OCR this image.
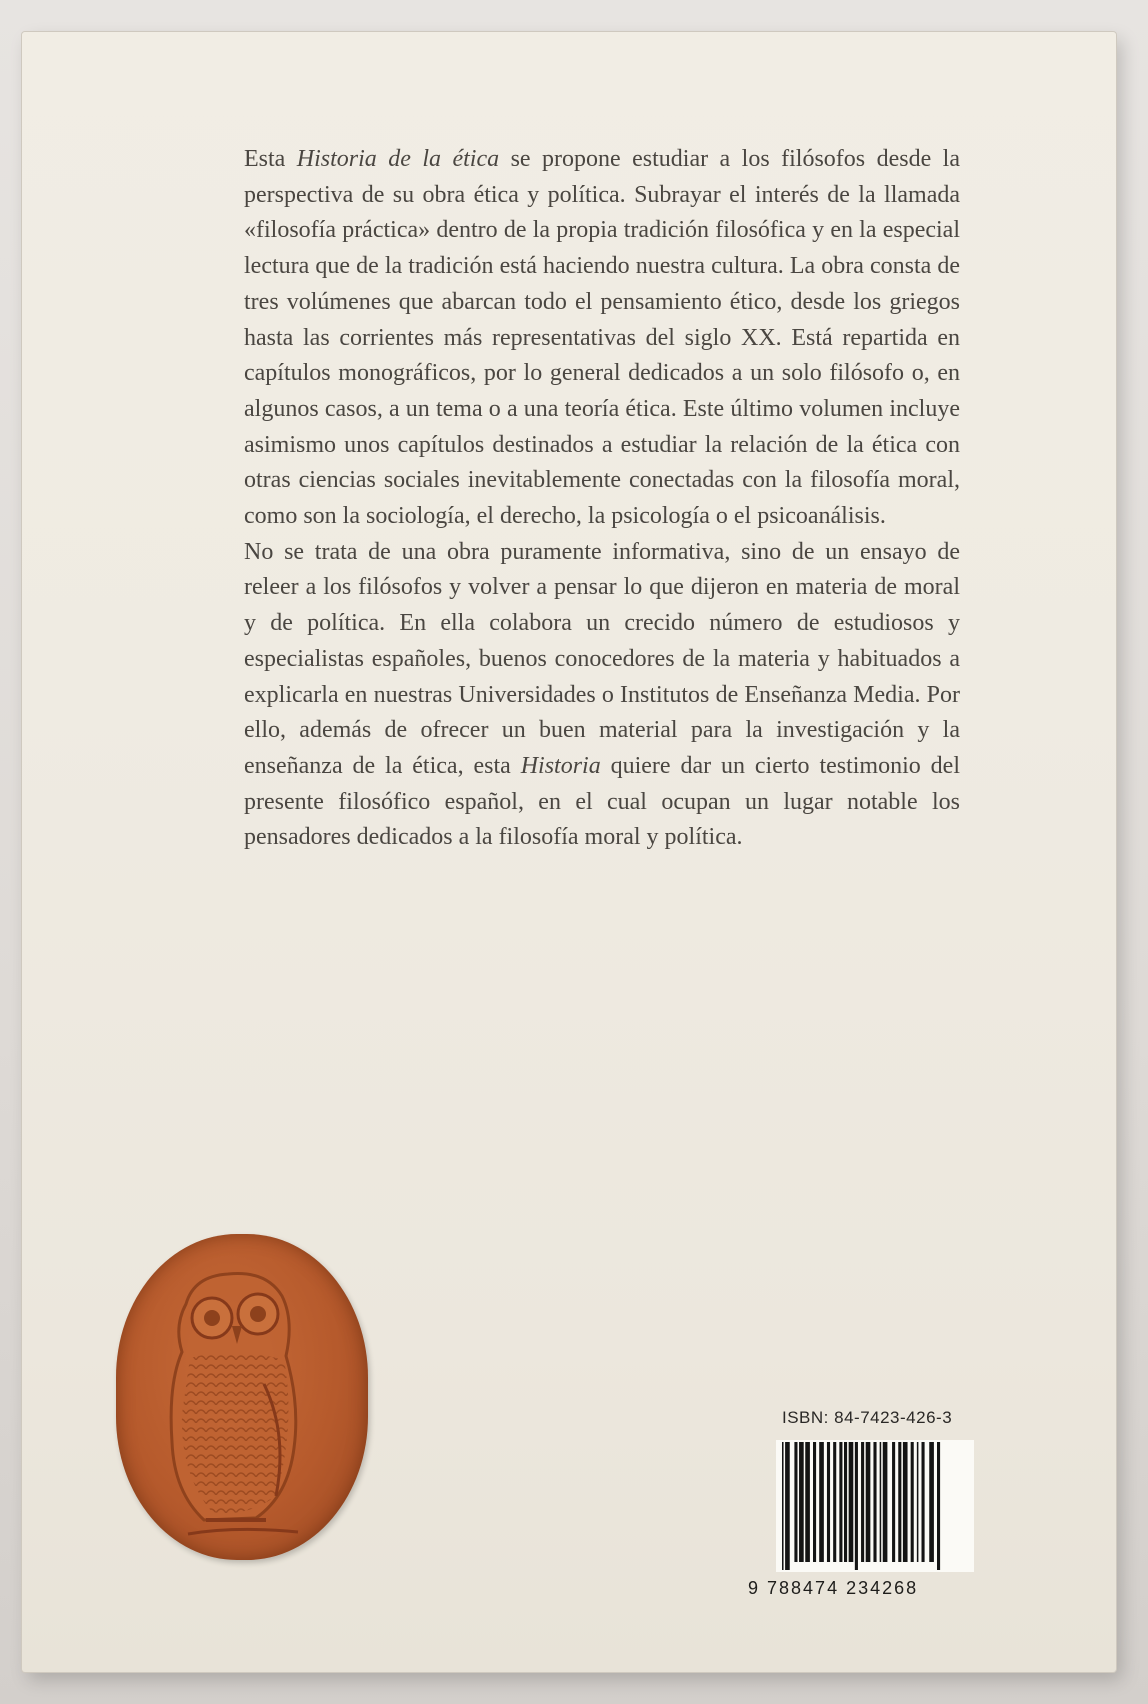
Esta Historia de la ética se propone estudiar a los filósofos desde la perspectiva de su obra ética y política. Subrayar el interés de la llamada «filosofía práctica» dentro de la propia tradición filosófica y en la especial lectura que de la tradición está haciendo nuestra cultura. La obra consta de tres volúmenes que abarcan todo el pensamiento ético, desde los griegos hasta las corrientes más representativas del siglo XX. Está repartida en capítulos monográficos, por lo general dedicados a un solo filósofo o, en algunos casos, a un tema o a una teoría ética. Este último volumen incluye asimismo unos capítulos destinados a estudiar la relación de la ética con otras ciencias sociales inevitablemente conectadas con la filosofía moral, como son la sociología, el derecho, la psicología o el psicoanálisis.

No se trata de una obra puramente informativa, sino de un ensayo de releer a los filósofos y volver a pensar lo que dijeron en materia de moral y de política. En ella colabora un crecido número de estudiosos y especialistas españoles, buenos conocedores de la materia y habituados a explicarla en nuestras Universidades o Institutos de Enseñanza Media. Por ello, además de ofrecer un buen material para la investigación y la enseñanza de la ética, esta Historia quiere dar un cierto testimonio del presente filosófico español, en el cual ocupan un lugar notable los pensadores dedicados a la filosofía moral y política.

ISBN: 84-7423-426-3
9 788474 234268
